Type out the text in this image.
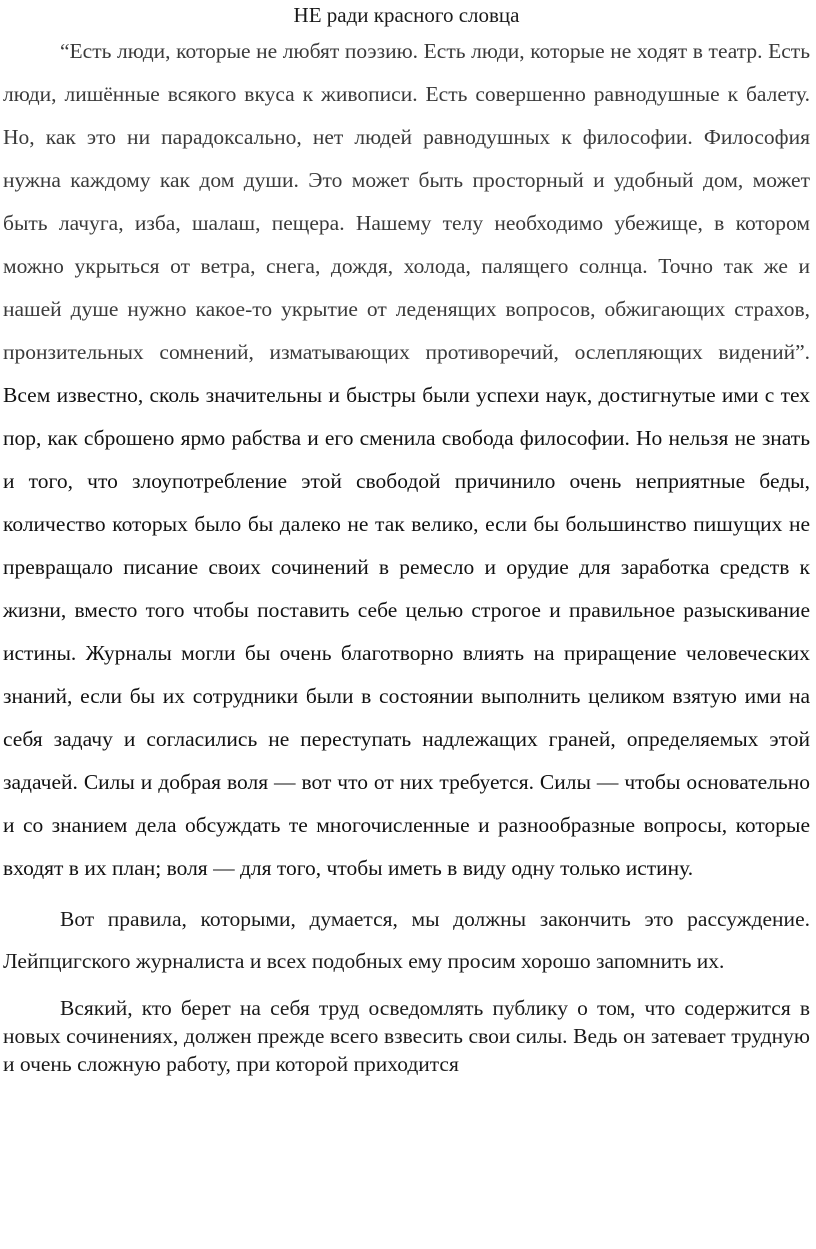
НЕ ради красного словца

“Есть люди, которые не любят поэзию. Есть люди, которые не ходят в театр. Есть люди, лишённые всякого вкуса к живописи. Есть совершенно равнодушные к балету. Но, как это ни парадоксально, нет людей равнодушных к философии. Философия нужна каждому как дом души. Это может быть просторный и удобный дом, может быть лачуга, изба, шалаш, пещера. Нашему телу необходимо убежище, в котором можно укрыться от ветра, снега, дождя, холода, палящего солнца. Точно так же и нашей душе нужно какое-то укрытие от леденящих вопросов, обжигающих страхов, пронзительных сомнений, изматывающих противоречий, ослепляющих видений”. Всем известно, сколь значительны и быстры были успехи наук, достигнутые ими с тех пор, как сброшено ярмо рабства и его сменила свобода философии. Но нельзя не знать и того, что злоупотребление этой свободой причинило очень неприятные беды, количество которых было бы далеко не так велико, если бы большинство пишущих не превращало писание своих сочинений в ремесло и орудие для заработка средств к жизни, вместо того чтобы поставить себе целью строгое и правильное разыскивание истины. Журналы могли бы очень благотворно влиять на приращение человеческих знаний, если бы их сотрудники были в состоянии выполнить целиком взятую ими на себя задачу и согласились не переступать надлежащих граней, определяемых этой задачей. Силы и добрая воля — вот что от них требуется. Силы — чтобы основательно и со знанием дела обсуждать те многочисленные и разнообразные вопросы, которые входят в их план; воля — для того, чтобы иметь в виду одну только истину.

Вот правила, которыми, думается, мы должны закончить это рассуждение. Лейпцигского журналиста и всех подобных ему просим хорошо запомнить их.

Всякий, кто берет на себя труд осведомлять публику о том, что содержится в новых сочинениях, должен прежде всего взвесить свои силы. Ведь он затевает трудную и очень сложную работу, при которой приходится
